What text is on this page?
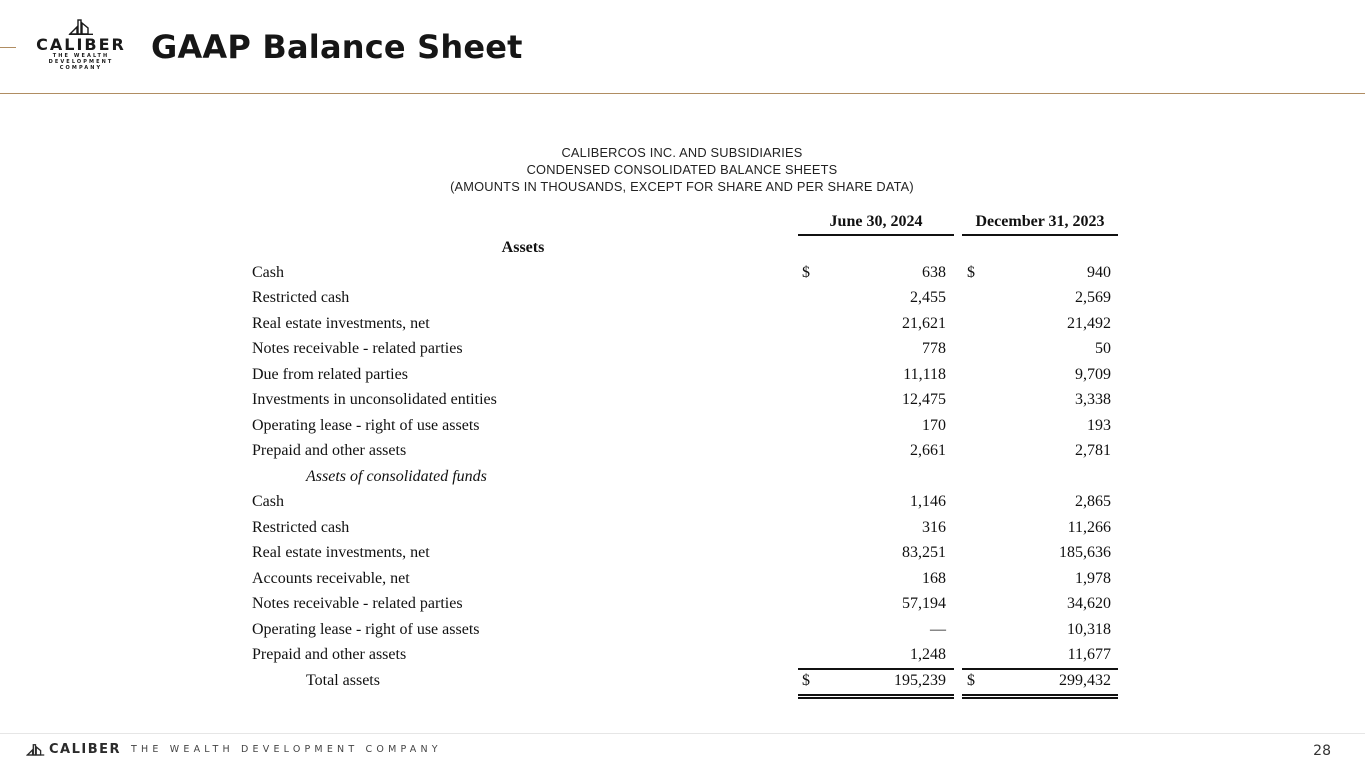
CALIBER
THE WEALTH DEVELOPMENT
COMPANY
GAAP Balance Sheet
CALIBERCOS INC. AND SUBSIDIARIES
CONDENSED CONSOLIDATED BALANCE SHEETS
(AMOUNTS IN THOUSANDS, EXCEPT FOR SHARE AND PER SHARE DATA)
June 30, 2024	December 31, 2023
Assets
Cash	$	638 $	940
Restricted cash	2,455	2,569
Real estate investments, net	21,621	21,492
Notes receivable - related parties	778	50
Due from related parties	11,118	9,709
Investments in unconsolidated entities	12,475	3,338
Operating lease - right of use assets	170	193
Prepaid and other assets	2,661	2,781
Assets of consolidated funds
Cash	1,146	2,865
Restricted cash	316	11,266
Real estate investments, net	83,251	185,636
Accounts receivable, net	168	1,978
Notes receivable - related parties	57,194	34,620
Operating lease - right of use assets	—	10,318
Prepaid and other assets	1,248	11,677
Total assets	$	195,239 $	299,432
CALIBER THE WEALTH DEVELOPMENT COMPANY	28
